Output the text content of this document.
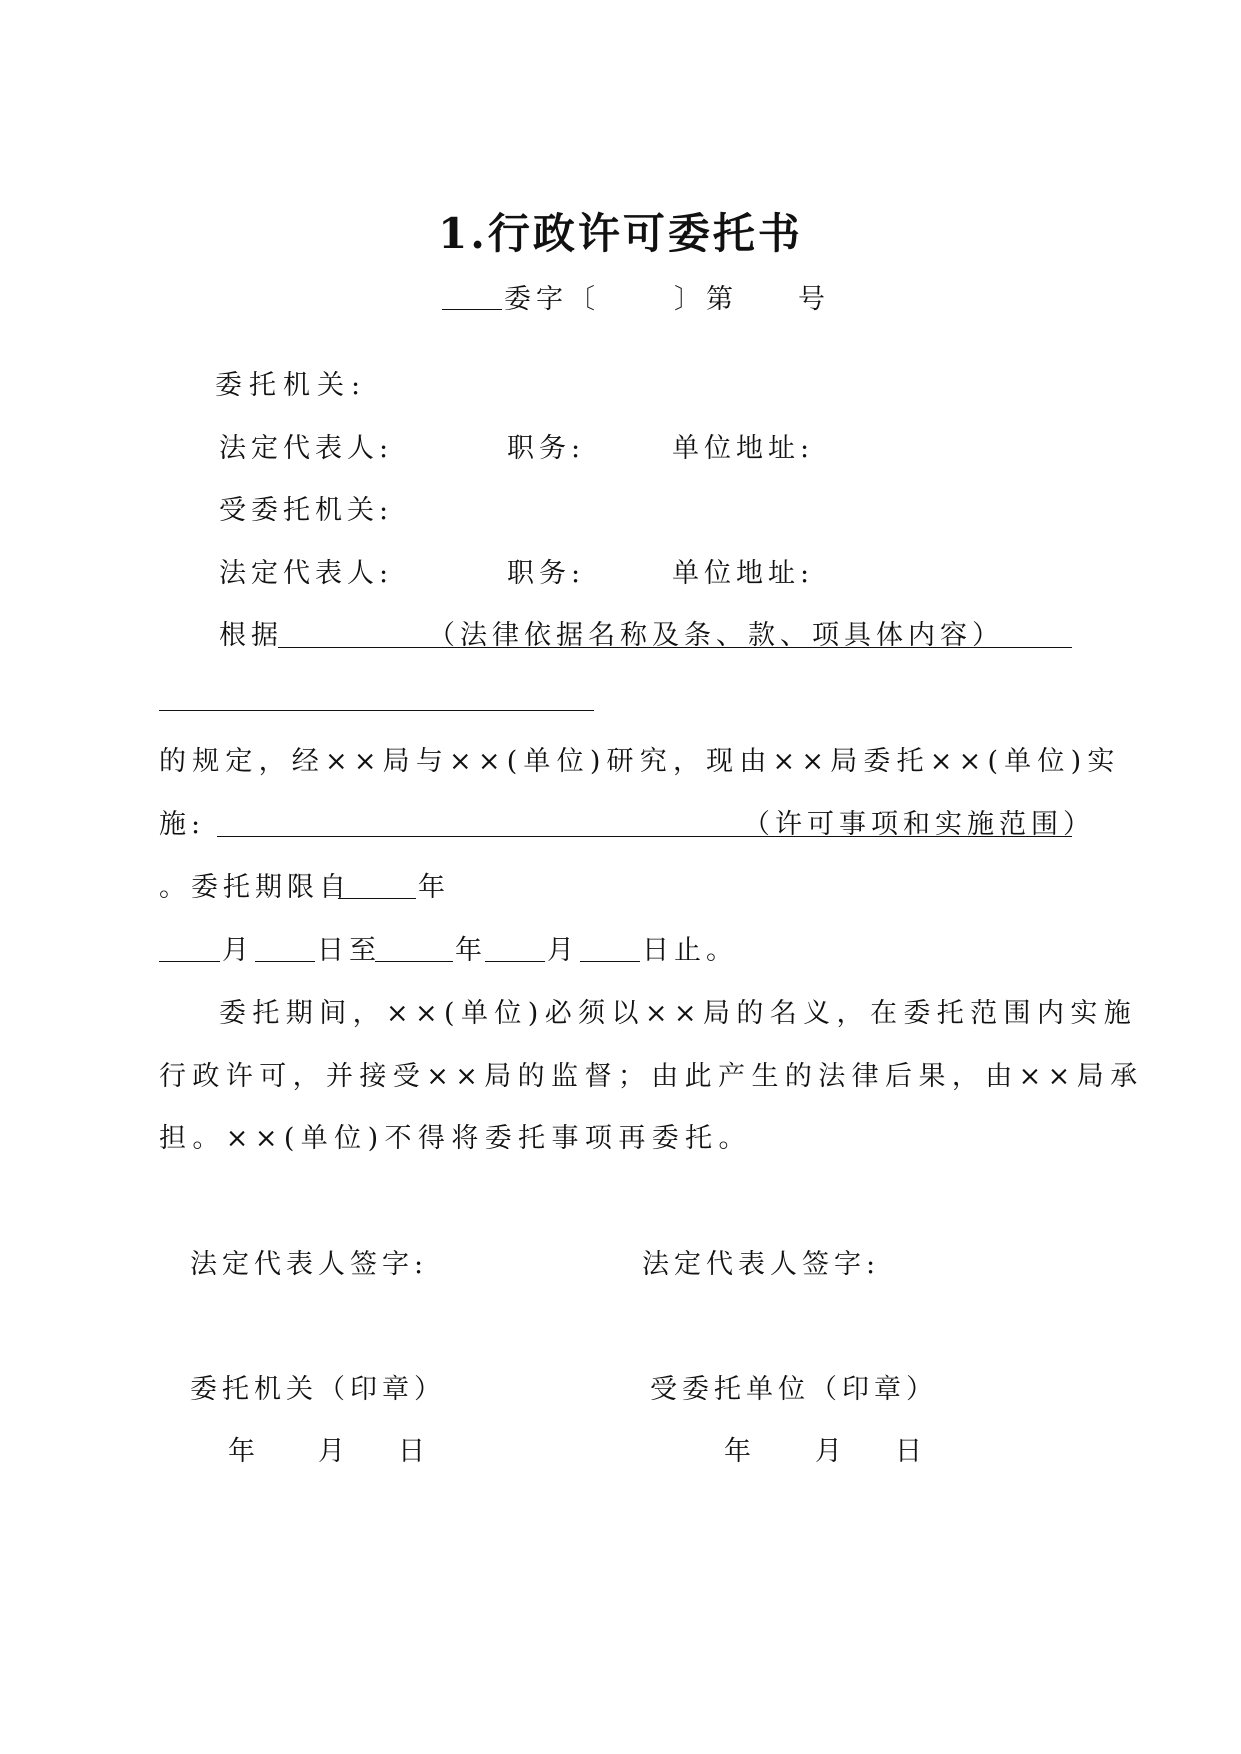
1.行政许可委托书
委字〔	〕第 号
委托机关:
法定代表人:	职务:	单位地址:
受委托机关:
法定代表人:	职务:	单位地址:
根据	（法律依据名称及条、款、项具体内容）
的规定，经××局与××(单位)研究，现由××局委托××(单位)实
施:	（许可事项和实施范围）
。委托期限自 年
月 日至	年 月 日止。
委托期间，××(单位)必须以××局的名义，在委托范围内实施
行政许可，并接受××局的监督；由此产生的法律后果，由××局承
担。××(单位)不得将委托事项再委托。
法定代表人签字:	法定代表人签字:
委托机关（印章）	受委托单位（印章）
年 月 日	年 月 日
